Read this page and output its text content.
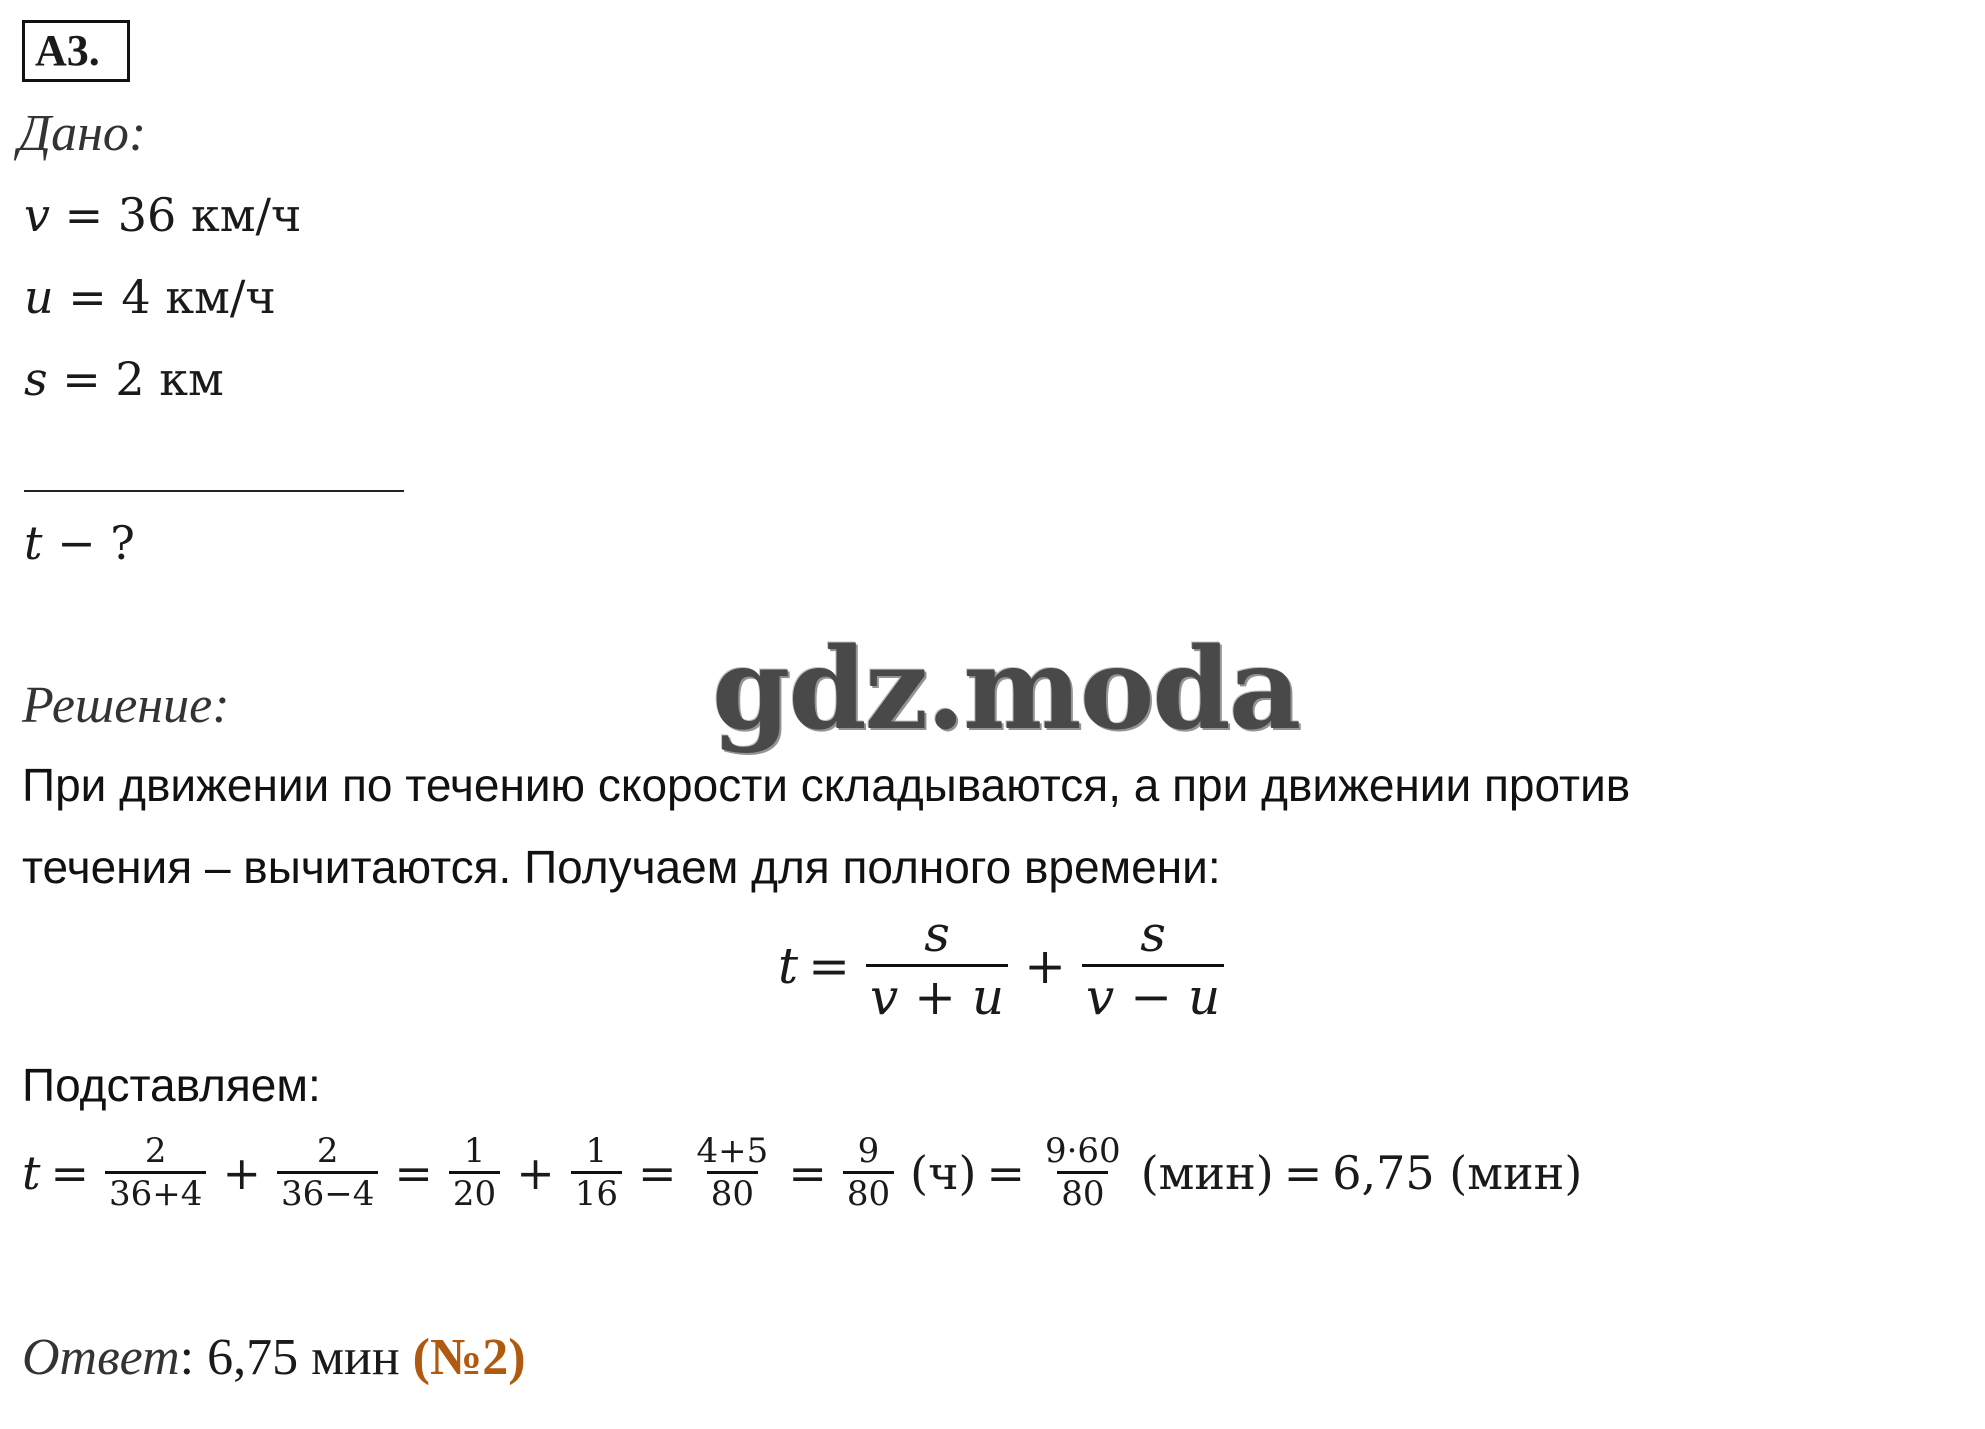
А3.
Дано:
v = 36 км/ч
u = 4 км/ч
s = 2 км
t − ?
gdz.moda
Решение:
При движении по течению скорости складываются, а при движении против
течения – вычитаются. Получаем для полного времени:
$t = \frac{s}{v + u} + \frac{s}{v - u}$
Подставляем:
$t = \frac{2}{36+4} + \frac{2}{36-4} = \frac{1}{20} + \frac{1}{16} = \frac{4+5}{80} = \frac{9}{80} (ч) = \frac{9\cdot 60}{80} (мин) = 6,75$ (мин)
Ответ: 6,75 мин (№2)
